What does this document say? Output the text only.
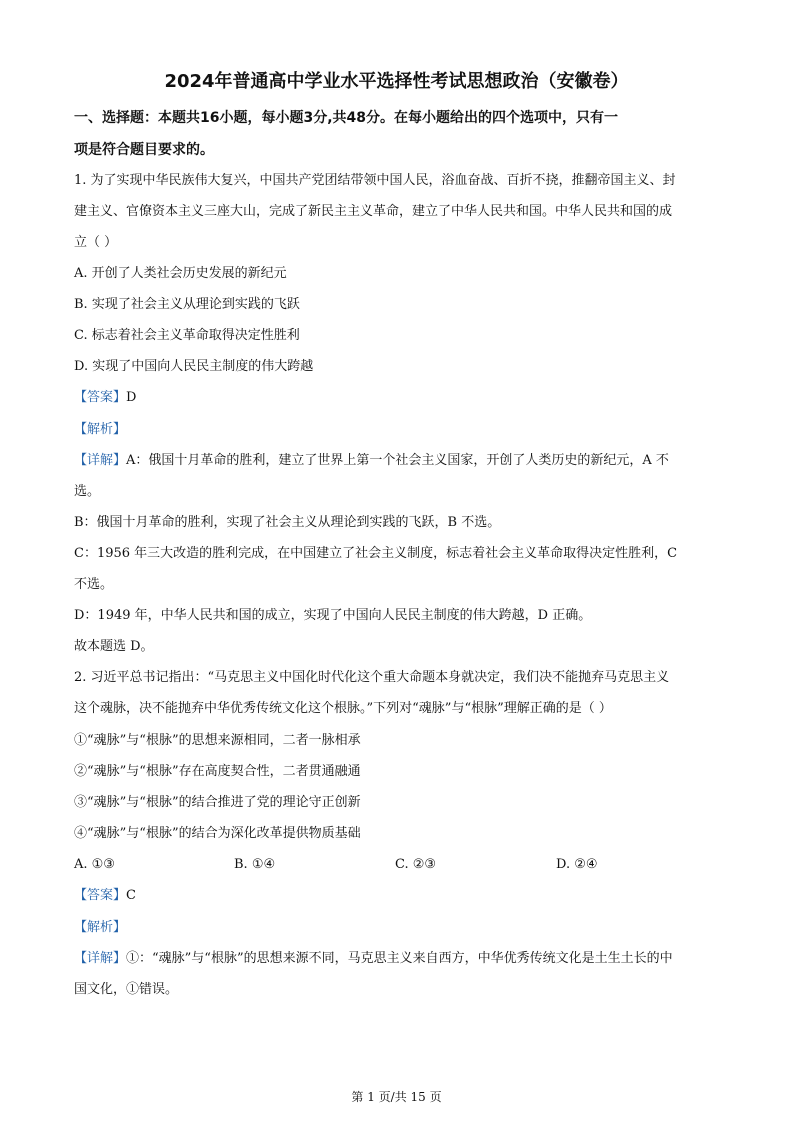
2024年普通高中学业水平选择性考试思想政治（安徽卷）
一、选择题：本题共16小题，每小题3分,共48分。在每小题给出的四个选项中，只有一
项是符合题目要求的。
1. 为了实现中华民族伟大复兴，中国共产党团结带领中国人民，浴血奋战、百折不挠，推翻帝国主义、封
建主义、官僚资本主义三座大山，完成了新民主主义革命，建立了中华人民共和国。中华人民共和国的成
立（ ）
A. 开创了人类社会历史发展的新纪元
B. 实现了社会主义从理论到实践的飞跃
C. 标志着社会主义革命取得决定性胜利
D. 实现了中国向人民民主制度的伟大跨越
【答案】D
【解析】
【详解】A：俄国十月革命的胜利，建立了世界上第一个社会主义国家，开创了人类历史的新纪元，A 不
选。
B：俄国十月革命的胜利，实现了社会主义从理论到实践的飞跃，B 不选。
C：1956 年三大改造的胜利完成，在中国建立了社会主义制度，标志着社会主义革命取得决定性胜利，C
不选。
D：1949 年，中华人民共和国的成立，实现了中国向人民民主制度的伟大跨越，D 正确。
故本题选 D。
2. 习近平总书记指出：“马克思主义中国化时代化这个重大命题本身就决定，我们决不能抛弃马克思主义
这个魂脉，决不能抛弃中华优秀传统文化这个根脉。”下列对“魂脉”与“根脉”理解正确的是（ ）
①“魂脉”与“根脉”的思想来源相同，二者一脉相承
②“魂脉”与“根脉”存在高度契合性，二者贯通融通
③“魂脉”与“根脉”的结合推进了党的理论守正创新
④“魂脉”与“根脉”的结合为深化改革提供物质基础
A. ①③	B. ①④	C. ②③	D. ②④
【答案】C
【解析】
【详解】①：“魂脉”与“根脉”的思想来源不同，马克思主义来自西方，中华优秀传统文化是土生土长的中
国文化，①错误。
第 1 页/共 15 页
